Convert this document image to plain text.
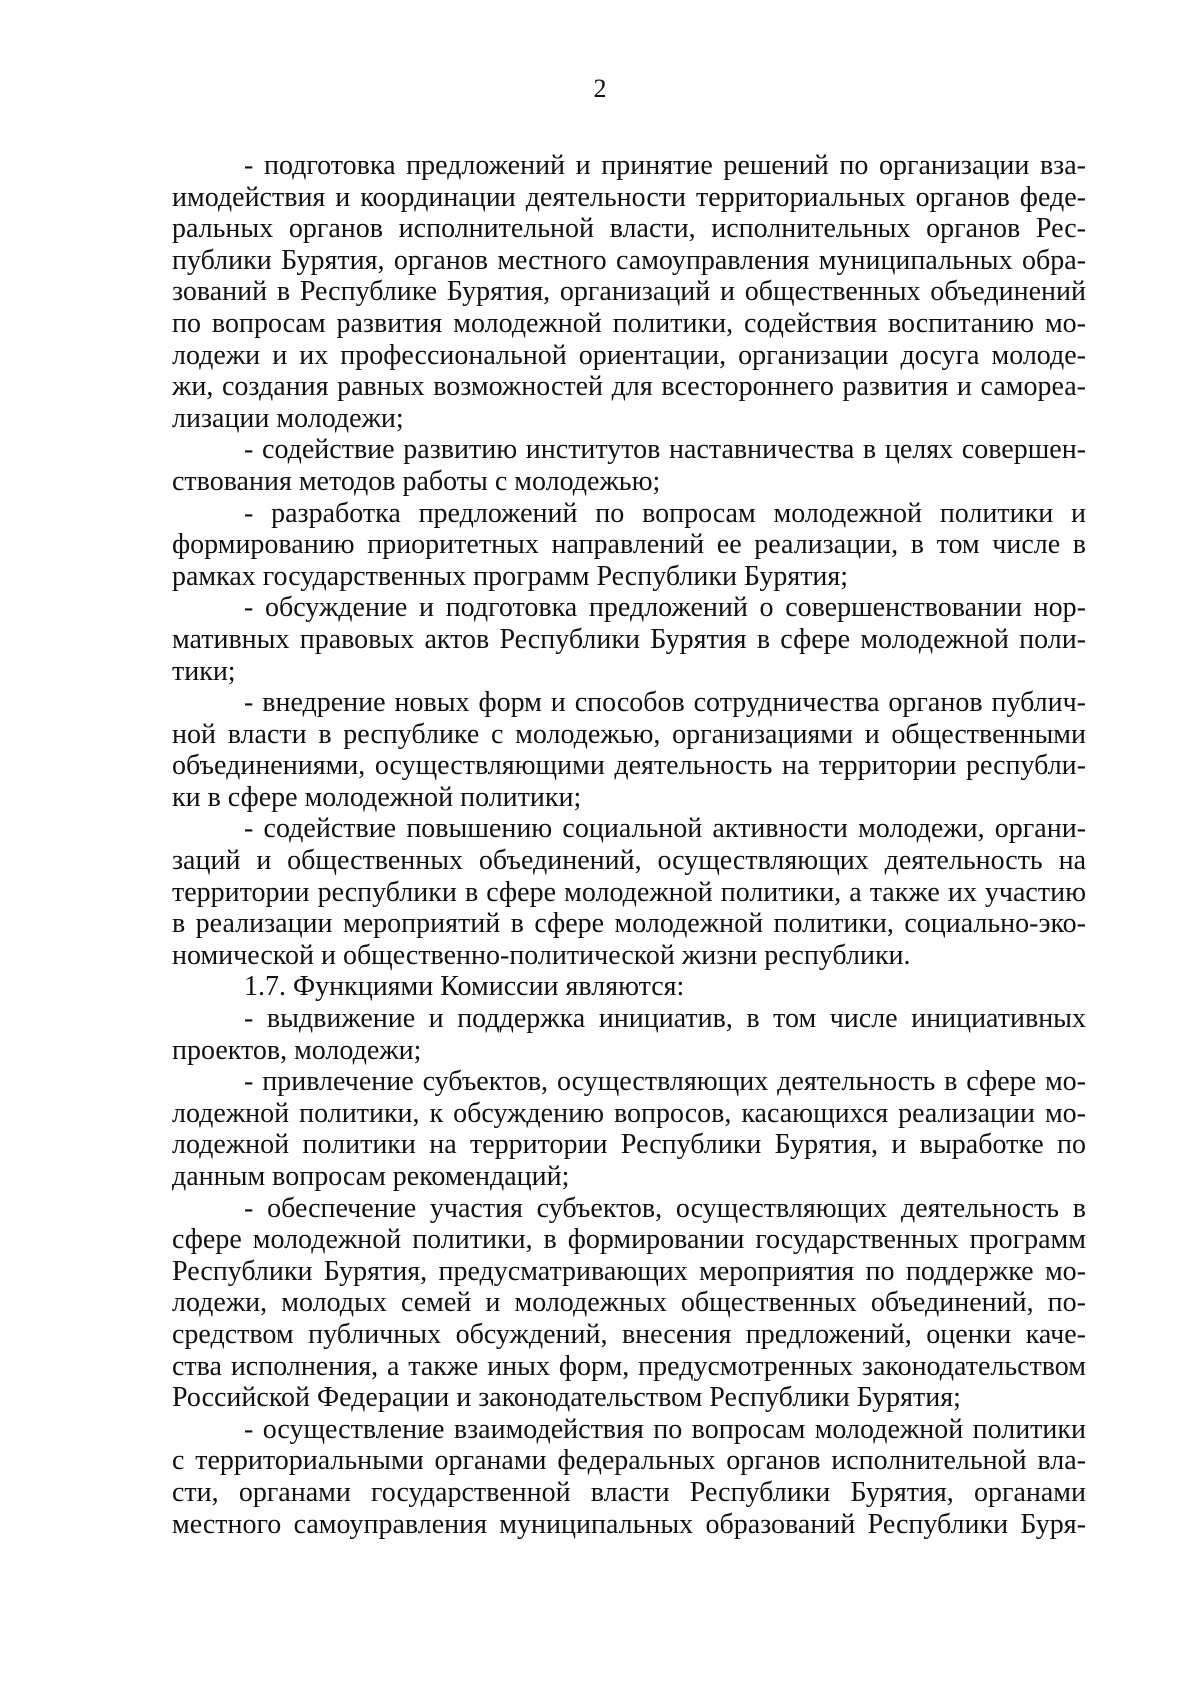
2
- подготовка предложений и принятие решений по организации вза-
имодействия и координации деятельности территориальных органов феде-
ральных органов исполнительной власти, исполнительных органов Рес-
публики Бурятия, органов местного самоуправления муниципальных обра-
зований в Республике Бурятия, организаций и общественных объединений
по вопросам развития молодежной политики, содействия воспитанию мо-
лодежи и их профессиональной ориентации, организации досуга молоде-
жи, создания равных возможностей для всестороннего развития и самореа-
лизации молодежи;
- содействие развитию институтов наставничества в целях совершен-
ствования методов работы с молодежью;
- разработка предложений по вопросам молодежной политики и
формированию приоритетных направлений ее реализации, в том числе в
рамках государственных программ Республики Бурятия;
- обсуждение и подготовка предложений о совершенствовании нор-
мативных правовых актов Республики Бурятия в сфере молодежной поли-
тики;
- внедрение новых форм и способов сотрудничества органов публич-
ной власти в республике с молодежью, организациями и общественными
объединениями, осуществляющими деятельность на территории республи-
ки в сфере молодежной политики;
- содействие повышению социальной активности молодежи, органи-
заций и общественных объединений, осуществляющих деятельность на
территории республики в сфере молодежной политики, а также их участию
в реализации мероприятий в сфере молодежной политики, социально-эко-
номической и общественно-политической жизни республики.
1.7. Функциями Комиссии являются:
- выдвижение и поддержка инициатив, в том числе инициативных
проектов, молодежи;
- привлечение субъектов, осуществляющих деятельность в сфере мо-
лодежной политики, к обсуждению вопросов, касающихся реализации мо-
лодежной политики на территории Республики Бурятия, и выработке по
данным вопросам рекомендаций;
- обеспечение участия субъектов, осуществляющих деятельность в
сфере молодежной политики, в формировании государственных программ
Республики Бурятия, предусматривающих мероприятия по поддержке мо-
лодежи, молодых семей и молодежных общественных объединений, по-
средством публичных обсуждений, внесения предложений, оценки каче-
ства исполнения, а также иных форм, предусмотренных законодательством
Российской Федерации и законодательством Республики Бурятия;
- осуществление взаимодействия по вопросам молодежной политики
с территориальными органами федеральных органов исполнительной вла-
сти, органами государственной власти Республики Бурятия, органами
местного самоуправления муниципальных образований Республики Буря-
